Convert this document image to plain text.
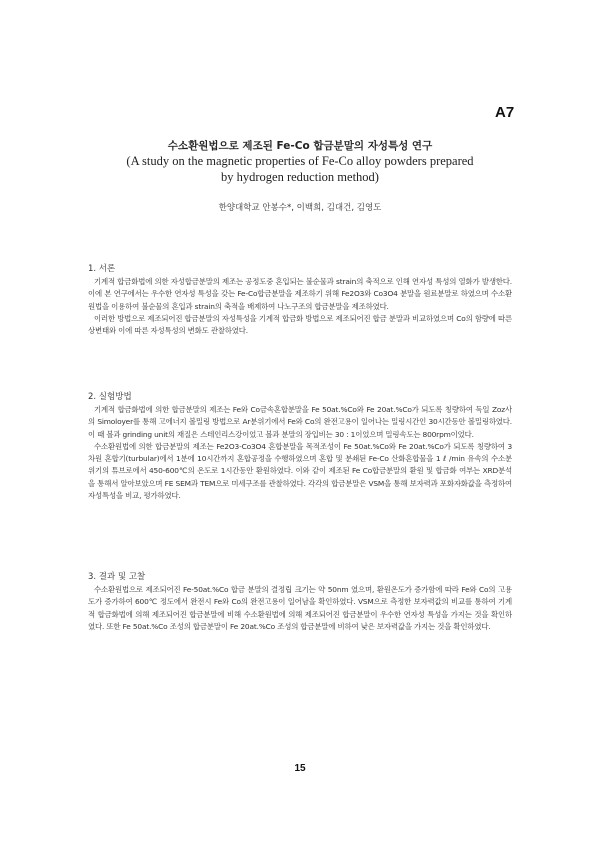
A7
수소환원법으로 제조된 Fe-Co 합금분말의 자성특성 연구
(A study on the magnetic properties of Fe-Co alloy powders prepared
by hydrogen reduction method)
한양대학교 안봉수*, 이백희, 김대건, 김영도
1. 서론

기계적 합금화법에 의한 자성합금분말의 제조는 공정도중 혼입되는 불순물과 strain의 축적으로 인해 연자성 특성의 열화가 발생한다. 이에 본 연구에서는 우수한 연자성 특성을 갖는 Fe-Co합금분말을 제조하기 위해 Fe2O3와 Co3O4 분말을 원료분말로 하였으며 수소환원법을 이용하여 불순물의 혼입과 strain의 축적을 배제하여 나노구조의 합금분말을 제조하였다.

이러한 방법으로 제조되어진 합금분말의 자성특성을 기계적 합금화 방법으로 제조되어진 합금 분말과 비교하였으며 Co의 함량에 따른 상변태와 이에 따른 자성특성의 변화도 관찰하였다.

2. 실험방법

기계적 합금화법에 의한 합금분말의 제조는 Fe와 Co금속혼합분말을 Fe 50at.%Co와 Fe 20at.%Co가 되도록 칭량하여 독일 Zoz사의 Simoloyer를 통해 고에너지 볼밀링 방법으로 Ar분위기에서 Fe와 Co의 완전고용이 일어나는 밀링시간인 30시간동안 볼밀링하였다. 이 때 볼과 grinding unit의 재질은 스테인리스강이었고 볼과 분말의 장입비는 30 : 1이었으며 밀링속도는 800rpm이었다.

수소환원법에 의한 합금분말의 제조는 Fe2O3-Co3O4 혼합분말을 목적조성이 Fe 50at.%Co와 Fe 20at.%Co가 되도록 칭량하여 3차원 혼합기(turbular)에서 1분에 10시간까지 혼합공정을 수행하였으며 혼합 및 분쇄된 Fe-Co 산화혼합물을 1 ℓ /min 유속의 수소분위기의 튜브로에서 450-600℃의 온도로 1시간동안 환원하였다. 이와 같이 제조된 Fe Co합금분말의 환원 및 합금화 여부는 XRD분석을 통해서 알아보았으며 FE SEM과 TEM으로 미세구조를 관찰하였다. 각각의 합금분말은 VSM을 통해 보자력과 포화자화값을 측정하여 자성특성을 비교, 평가하였다.

3. 결과 및 고찰

수소환원법으로 제조되어진 Fe-50at.%Co 합금 분말의 결정립 크기는 약 50nm 였으며, 환원온도가 증가함에 따라 Fe와 Co의 고용도가 증가하여 600℃ 정도에서 완전시 Fe와 Co의 완전고용이 일어남을 확인하였다. VSM으로 측정한 보자력값의 비교를 통하여 기계적 합금화법에 의해 제조되어진 합금분말에 비해 수소환원법에 의해 제조되어진 합금분말이 우수한 연자성 특성을 가지는 것을 확인하였다. 또한 Fe 50at.%Co 조성의 합금분말이 Fe 20at.%Co 조성의 합금분말에 비하여 낮은 보자력값을 가지는 것을 확인하였다.

15
